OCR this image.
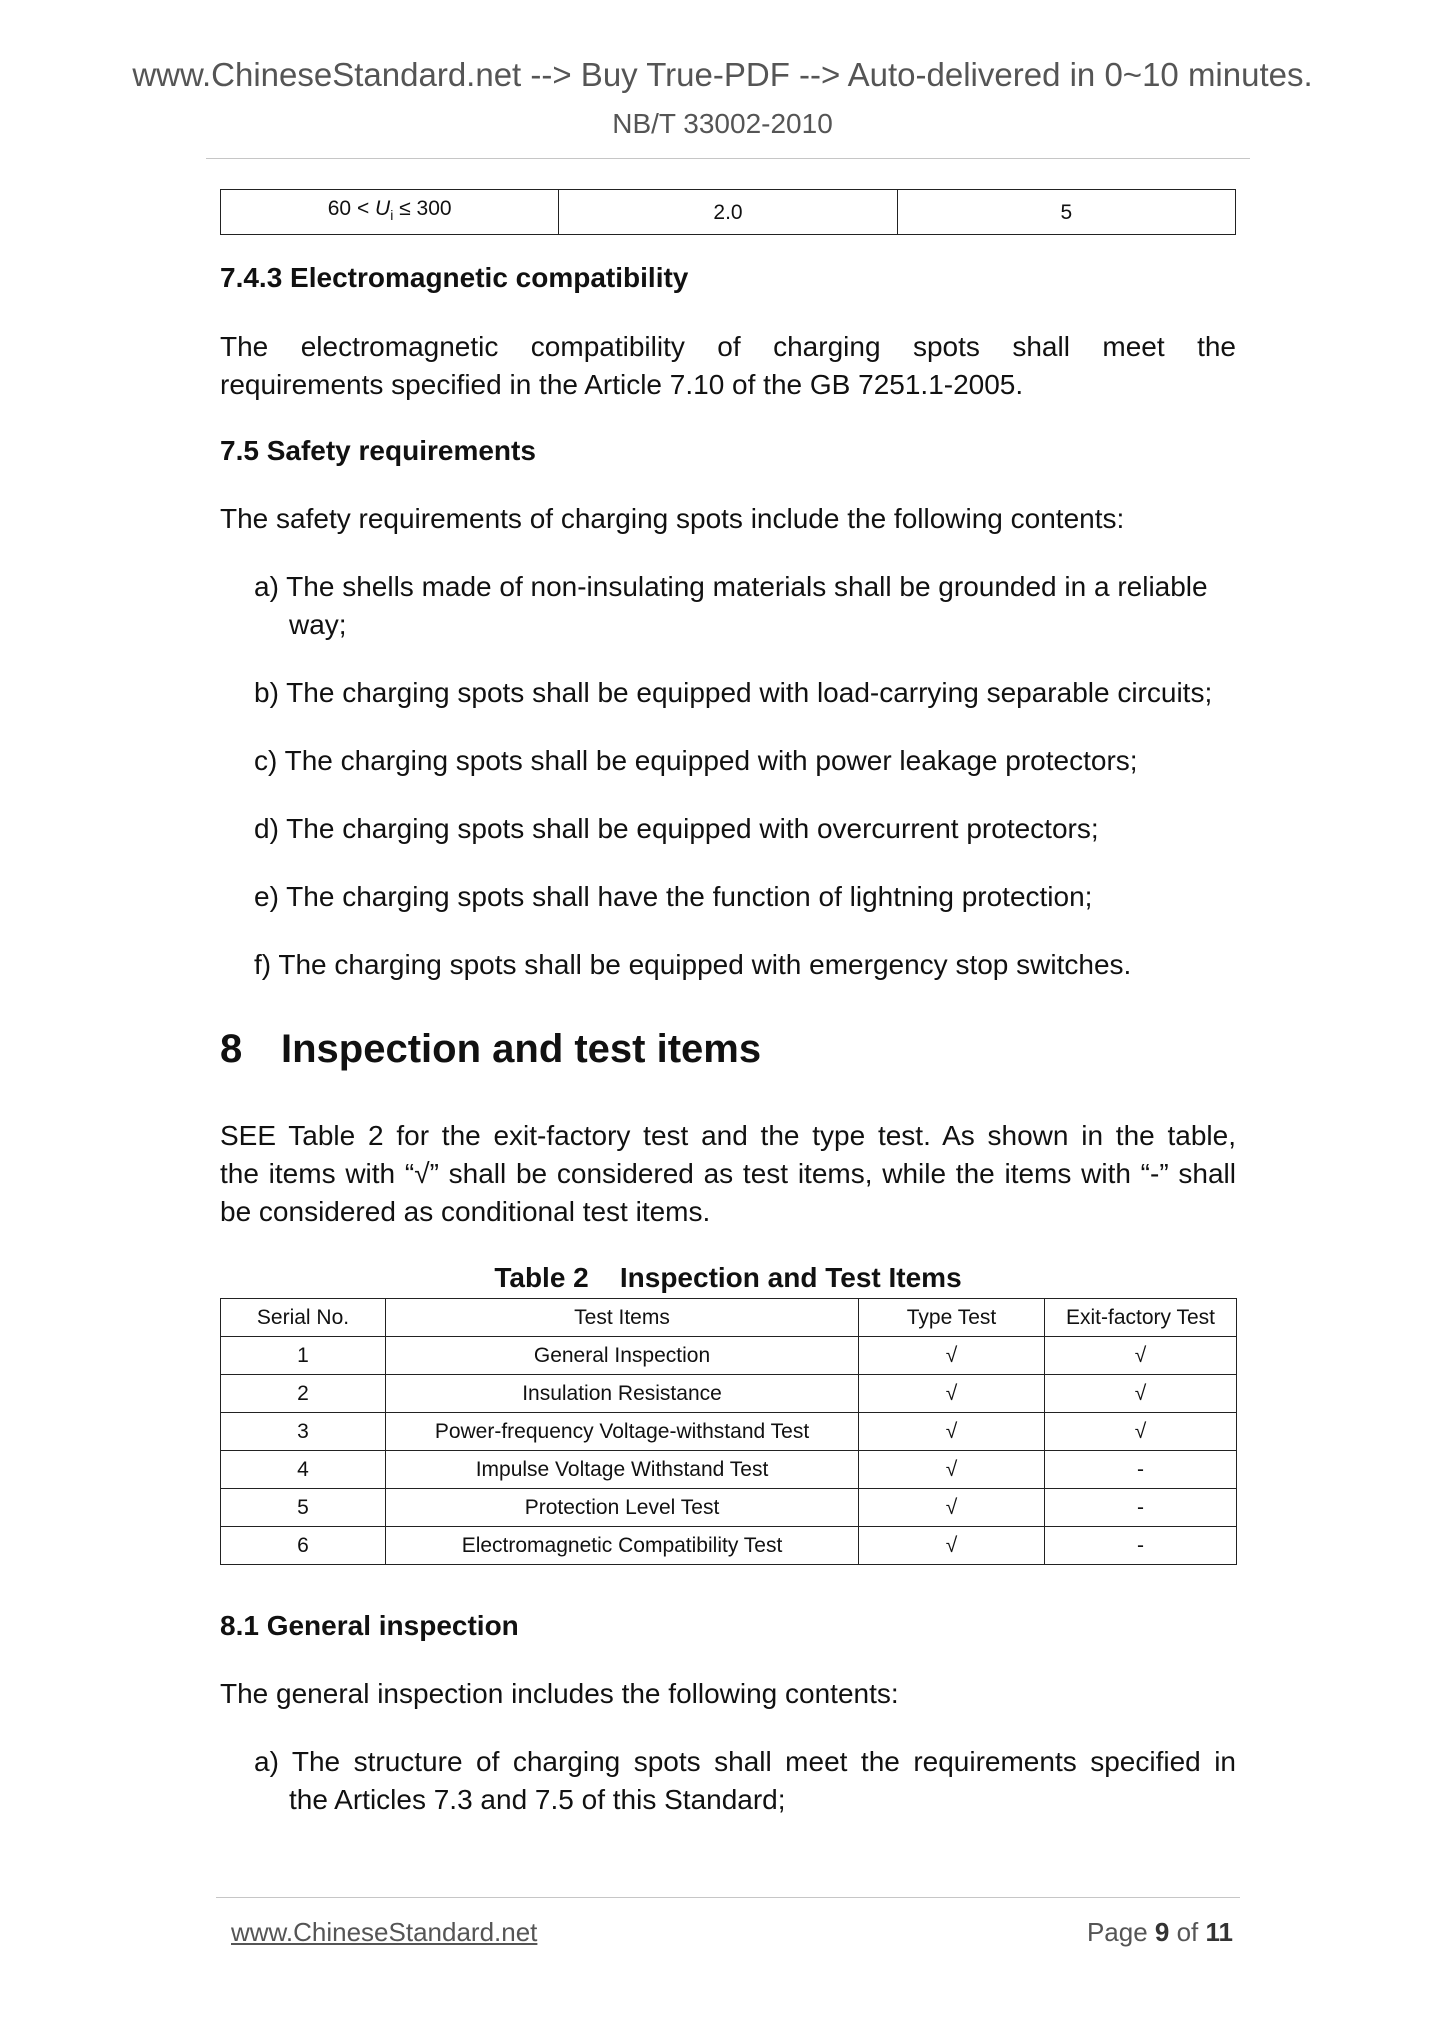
www.ChineseStandard.net --> Buy True-PDF --> Auto-delivered in 0~10 minutes.
NB/T 33002-2010
$60 < U_i \le 300$	2.0	5
7.4.3 Electromagnetic compatibility
The electromagnetic compatibility of charging spots shall meet the
requirements specified in the Article 7.10 of the GB 7251.1-2005.
7.5 Safety requirements
The safety requirements of charging spots include the following contents:
a) The shells made of non-insulating materials shall be grounded in a reliable
way;
b) The charging spots shall be equipped with load-carrying separable circuits;
c) The charging spots shall be equipped with power leakage protectors;
d) The charging spots shall be equipped with overcurrent protectors;
e) The charging spots shall have the function of lightning protection;
f) The charging spots shall be equipped with emergency stop switches.
8 Inspection and test items
SEE Table 2 for the exit-factory test and the type test. As shown in the table,
the items with “√” shall be considered as test items, while the items with “-” shall
be considered as conditional test items.
Table 2    Inspection and Test Items
Serial No.	Test Items	Type Test	Exit-factory Test
1	General Inspection	√	√
2	Insulation Resistance	√	√
3	Power-frequency Voltage-withstand Test	√	√
4	Impulse Voltage Withstand Test	√	-
5	Protection Level Test	√	-
6	Electromagnetic Compatibility Test	√	-
8.1 General inspection
The general inspection includes the following contents:
a) The structure of charging spots shall meet the requirements specified in
the Articles 7.3 and 7.5 of this Standard;
www.ChineseStandard.net	Page 9 of 11
